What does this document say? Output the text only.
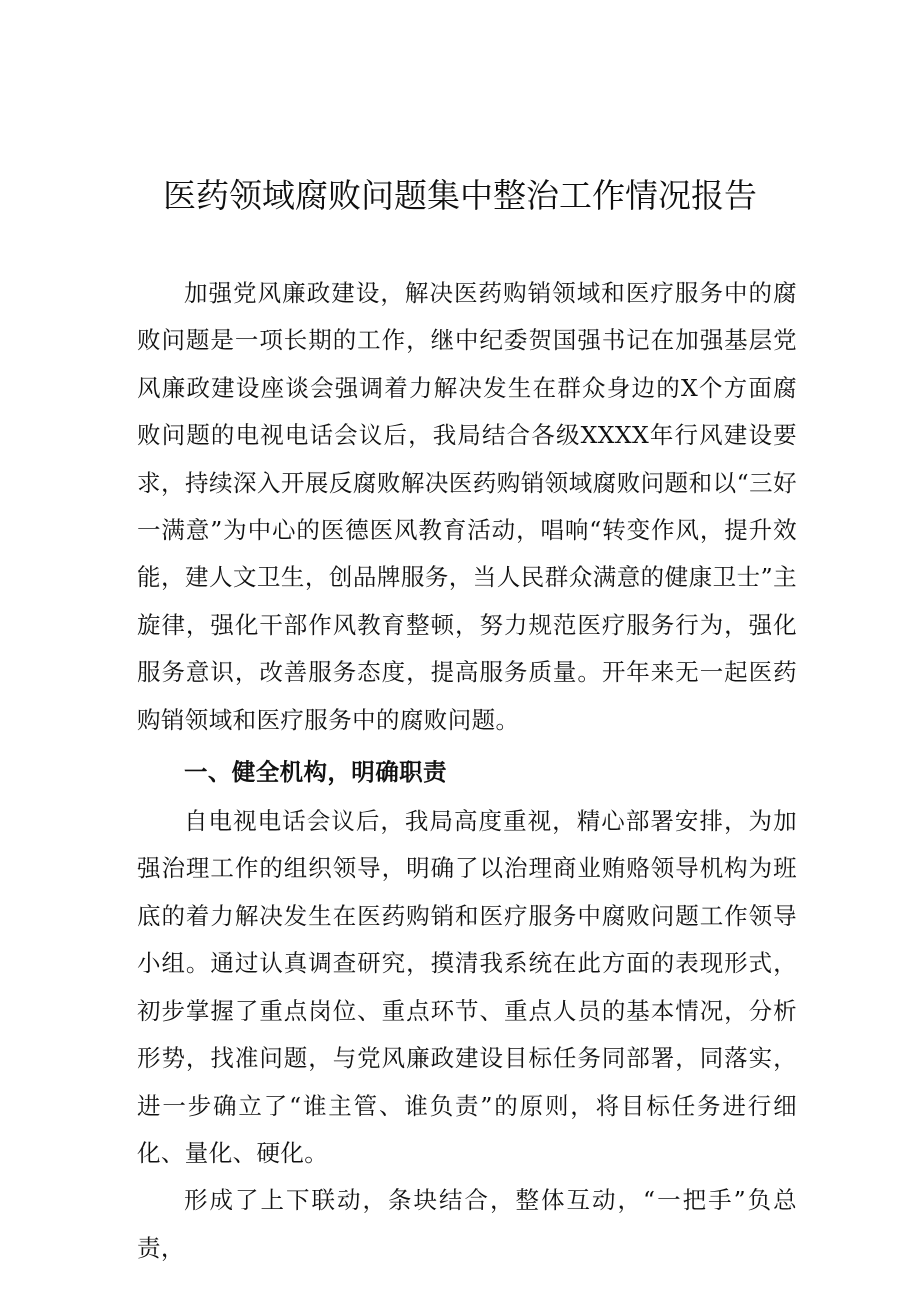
医药领域腐败问题集中整治工作情况报告

加强党风廉政建设，解决医药购销领域和医疗服务中的腐败问题是一项长期的工作，继中纪委贺国强书记在加强基层党风廉政建设座谈会强调着力解决发生在群众身边的X个方面腐败问题的电视电话会议后，我局结合各级XXXX年行风建设要求，持续深入开展反腐败解决医药购销领域腐败问题和以“三好一满意”为中心的医德医风教育活动，唱响“转变作风，提升效能，建人文卫生，创品牌服务，当人民群众满意的健康卫士”主旋律，强化干部作风教育整顿，努力规范医疗服务行为，强化服务意识，改善服务态度，提高服务质量。开年来无一起医药购销领域和医疗服务中的腐败问题。

一、健全机构，明确职责

自电视电话会议后，我局高度重视，精心部署安排，为加强治理工作的组织领导，明确了以治理商业贿赂领导机构为班底的着力解决发生在医药购销和医疗服务中腐败问题工作领导小组。通过认真调查研究，摸清我系统在此方面的表现形式，初步掌握了重点岗位、重点环节、重点人员的基本情况，分析形势，找准问题，与党风廉政建设目标任务同部署，同落实，进一步确立了“谁主管、谁负责”的原则，将目标任务进行细化、量化、硬化。

形成了上下联动，条块结合，整体互动，“一把手”负总责，
